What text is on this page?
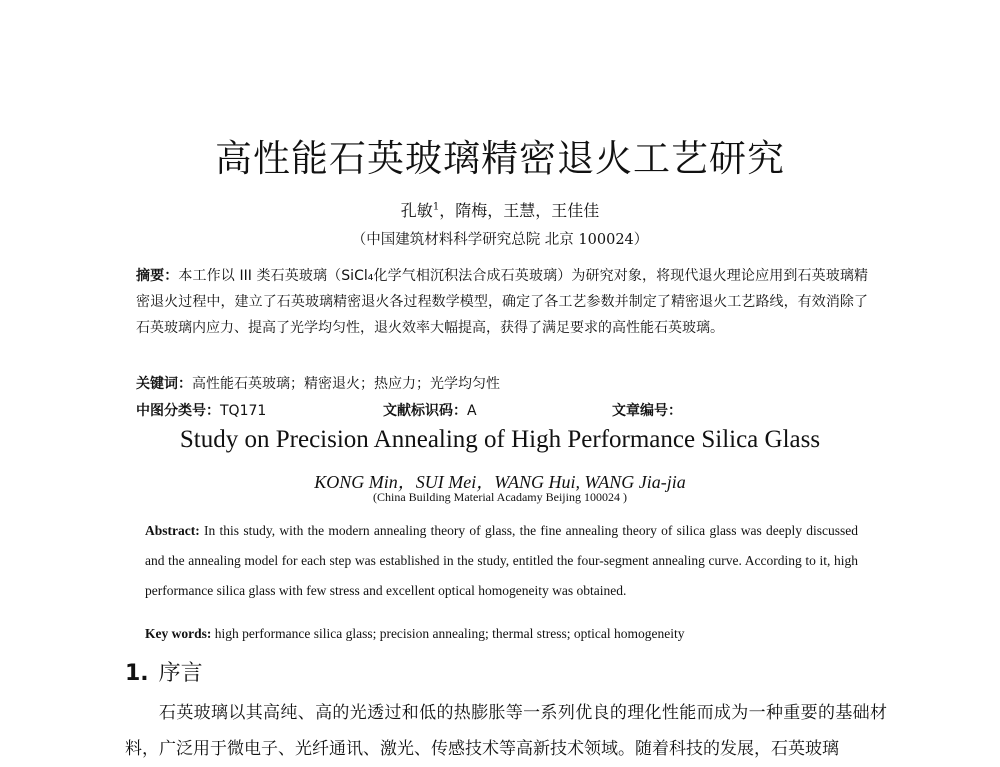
高性能石英玻璃精密退火工艺研究
孔敏$^1$，隋梅，王慧，王佳佳
（中国建筑材料科学研究总院 北京 100024）
摘要：本工作以 III 类石英玻璃（SiCl₄化学气相沉积法合成石英玻璃）为研究对象，将现代退火理论应用到石英玻璃精密退火过程中，建立了石英玻璃精密退火各过程数学模型，确定了各工艺参数并制定了精密退火工艺路线，有效消除了石英玻璃内应力、提高了光学均匀性，退火效率大幅提高，获得了满足要求的高性能石英玻璃。
关键词：高性能石英玻璃；精密退火；热应力；光学均匀性
中图分类号：TQ171	文献标识码：A	文章编号：
Study on Precision Annealing of High Performance Silica Glass
KONG Min，SUI Mei，WANG Hui, WANG Jia-jia
(China Building Material Acadamy Beijing 100024 )
Abstract: In this study, with the modern annealing theory of glass, the fine annealing theory of silica glass was deeply discussed and the annealing model for each step was established in the study, entitled the four-segment annealing curve. According to it, high performance silica glass with few stress and excellent optical homogeneity was obtained.
Key words: high performance silica glass; precision annealing; thermal stress; optical homogeneity
1. 序言
石英玻璃以其高纯、高的光透过和低的热膨胀等一系列优良的理化性能而成为一种重要的基础材料，广泛用于微电子、光纤通讯、激光、传感技术等高新技术领域。随着科技的发展，石英玻璃
